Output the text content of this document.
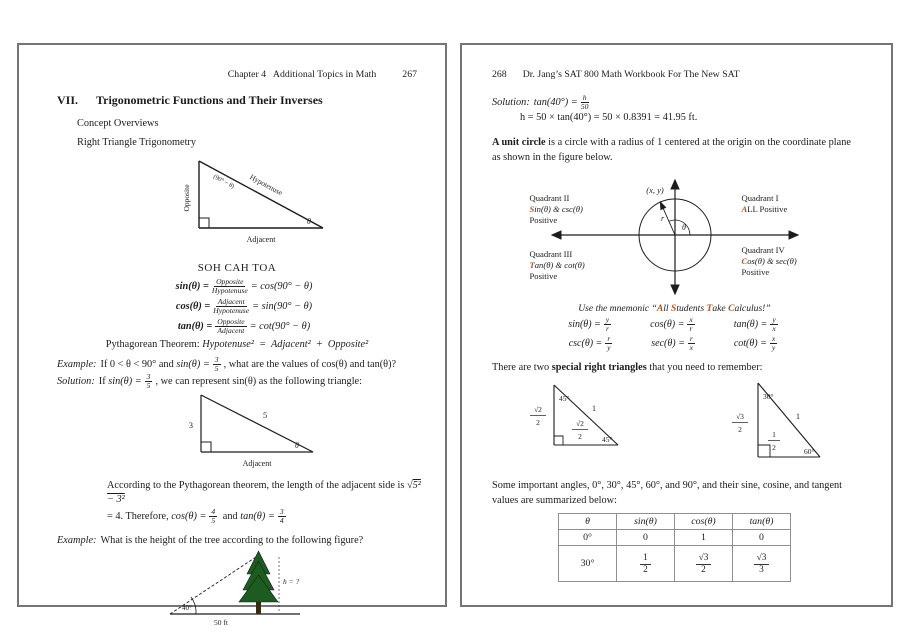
Chapter 4   Additional Topics in Math	267
VII. Trigonometric Functions and Their Inverses
Concept Overviews
Right Triangle Trigonometry
Opposite	Hypotenuse
(90° − θ)
θ
Adjacent
SOH CAH TOA
$\sin(\theta) = \frac{\text{Opposite}}{\text{Hypotenuse}} = \cos(90^\circ - \theta)$
$\cos(\theta) = \frac{\text{Adjacent}}{\text{Hypotenuse}} = \sin(90^\circ - \theta)$
$\tan(\theta) = \frac{\text{Opposite}}{\text{Adjacent}} = \cot(90^\circ - \theta)$
Pythagorean Theorem: Hypotenuse²  =  Adjacent²  +  Opposite²
Example: If 0 < θ < 90° and $\sin(\theta) = \frac{3}{5}$ , what are the values of cos(θ) and tan(θ)?
Solution: If $\sin(\theta) = \frac{3}{5}$ , we can represent sin(θ) as the following triangle:
3
5
θ
Adjacent
According to the Pythagorean theorem, the length of the adjacent side is √5² − 3²
= 4. Therefore, $\cos(\theta) = \frac{4}{5}$ and $\tan(\theta) = \frac{3}{4}$
Example: What is the height of the tree according to the following figure?
40°
50 ft
h = ?
268 Dr. Jang’s SAT 800 Math Workbook For The New SAT
Solution: $\tan(40^\circ) = \frac{h}{50}$
h = 50 × tan(40°) = 50 × 0.8391 = 41.95 ft.
A unit circle is a circle with a radius of 1 centered at the origin on the coordinate plane as shown in the figure below.
(x, y)
r
θ
Quadrant II
Sin(θ) & csc(θ)
Positive
Quadrant I
ALL Positive
Quadrant III
Tan(θ) & cot(θ)
Positive
Quadrant IV
Cos(θ) & sec(θ)
Positive
Use the mnemonic “All Students Take Calculus!”
$\sin(\theta) = \frac{y}{r}$	$\cos(\theta) = \frac{x}{r}$	$\tan(\theta) = \frac{y}{x}$
$\csc(\theta) = \frac{r}{y}$	$\sec(\theta) = \frac{r}{x}$	$\cot(\theta) = \frac{x}{y}$
There are two special right triangles that you need to remember:
45°
1
√2
2	√2
2	45°
30°
1
√3
2
1
2	60°
Some important angles, 0°, 30°, 45°, 60°, and 90°, and their sine, cosine, and tangent values are summarized below:
θ	sin(θ)	cos(θ)	tan(θ)
0°	0	1	0
30°	$\frac{1}{2}$	$\frac{√3}{2}$	$\frac{√3}{3}$
